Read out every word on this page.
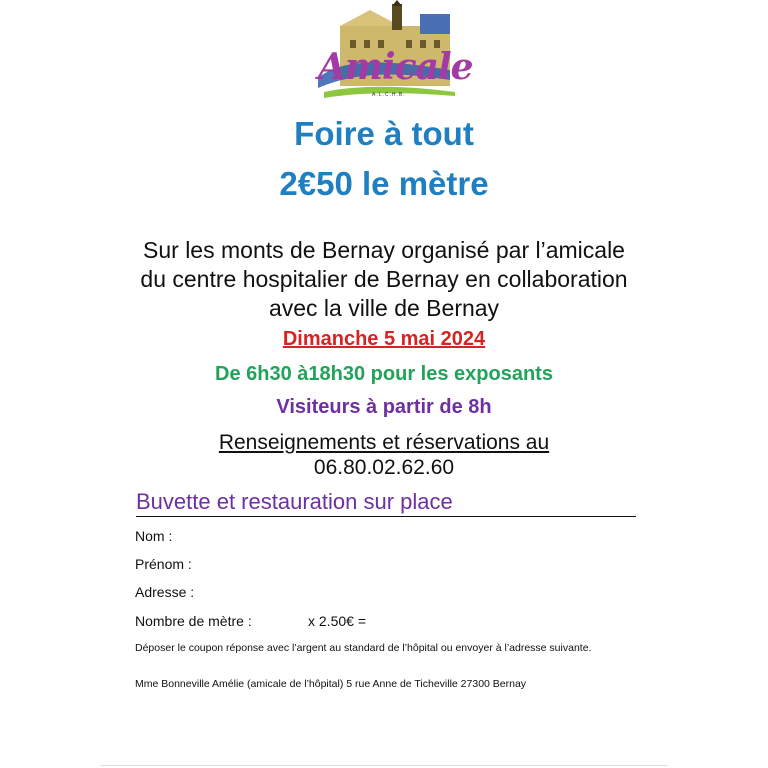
Amicale
A.L.C.H.B.
Foire à tout
2€50 le mètre
Sur les monts de Bernay organisé par l’amicale
du centre hospitalier de Bernay en collaboration
avec la ville de Bernay
Dimanche 5 mai 2024
De 6h30 à18h30 pour les exposants
Visiteurs à partir de 8h
Renseignements et réservations au
06.80.02.62.60
Buvette et restauration sur place
Nom :
Prénom :
Adresse :
Nombre de mètre :	x 2.50€ =
Déposer le coupon réponse avec l’argent au standard de l’hôpital ou envoyer à l’adresse suivante.
Mme Bonneville Amélie (amicale de l’hôpital) 5 rue Anne de Ticheville 27300 Bernay
